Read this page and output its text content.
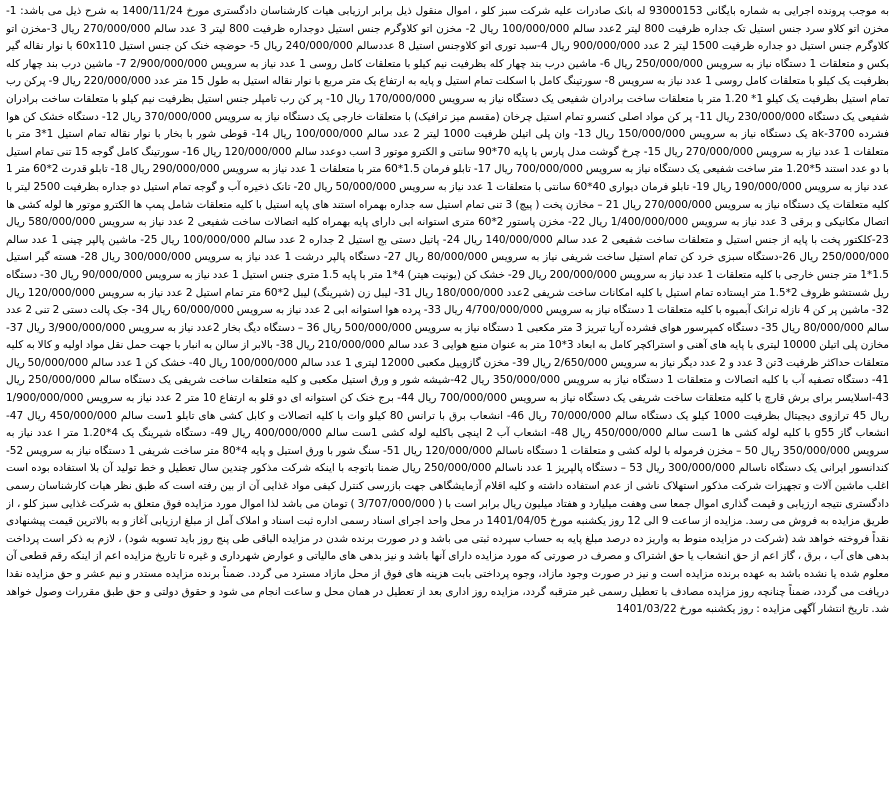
به موجب پرونده اجرایی به شماره بایگانی 93000153 له بانک صادرات علیه شرکت سبز کلو ، اموال منقول ذیل برابر ارزیابی هیات کارشناسان دادگستری مورخ 1400/11/24 به شرح ذیل می باشد: 1-مخزن اتو کلاو سرد جنس استیل تک جداره ظرفیت 800 لیتر 2عدد سالم 100/000/000 ریال 2- مخزن اتو کلاوگرم جنس استیل دوجداره ظرفیت 800 لیتر 3 عدد سالم 270/000/000 ریال 3-مخزن اتو کلاوگرم جنس استیل دو جداره ظرفیت 1500 لیتر 2 عدد 900/000/000 ریال 4-سبد توری اتو کلاوجنس استیل 8 عددسالم 240/000/000 ریال 5- حوضچه خنک کن جنس استیل 60x110 با نوار نقاله گیر بکس و متعلقات 1 دستگاه نیاز به سرویس 250/000/000 ریال 6- ماشین درب بند چهار کله بظرفیت نیم کیلو با متعلقات کامل روسی 1 عدد نیاز به سرویس 2/900/000/000 7- ماشین درب بند چهار کله بظرفیت یک کیلو با متعلقات کامل روسی 1 عدد نیاز به سرویس 8- سورتینگ کامل با اسکلت تمام استیل و پایه به ارتفاع یک متر مربع با نوار نقاله استیل به طول 15 متر عدد 220/000/000 ریال 9- پرکن رب تمام استیل بظرفیت یک کیلو 1* 1.20 متر با متعلقات ساخت برادران شفیعی یک دستگاه نیاز به سرویس 170/000/000 ریال 10- پر کن رب تامپلر جنس استیل بظرفیت نیم کیلو با متعلقات ساخت برادران شفیعی یک دستگاه 230/000/000 ریال 11- پر کن مواد اصلی کنسرو تمام استیل چرخان (مقسم میز ترافیک) با متعلقات خارجی یک دستگاه نیاز به سرویس 370/000/000 ریال 12- دستگاه خشک کن هوا فشرده ak-3700 یک دستگاه نیاز به سرویس 150/000/000 ریال 13- وان پلی اتیلن ظرفیت 1000 لیتر 2 عدد سالم 100/000/000 ریال 14- قوطی شور با بخار با نوار نقاله تمام استیل 1*3 متر با متعلقات 1 عدد نیاز به سرویس 270/000/000 ریال 15- چرخ گوشت مدل پارس با پایه 70*90 سانتی و الکترو موتور 3 اسب دوعدد سالم 120/000/000 ریال 16- سورتینگ کامل گوجه 15 تنی تمام استیل با دو عدد استند 5*1.20 متر ساخت شفیعی یک دستگاه نیاز به سرویس 700/000/000 ریال 17- تابلو فرمان 1.5*60 متر با متعلقات 1 عدد نیاز به سرویس 290/000/000 ریال 18- تابلو قدرت 2*60 متر 1 عدد نیاز به سرویس 190/000/000 ریال 19- تابلو فرمان دیواری 40*60 سانتی با متعلقات 1 عدد نیاز به سرویس 50/000/000 ریال 20- تانک ذخیره آب و گوجه تمام استیل دو جداره بظرفیت 2500 لیتر با کلیه متعلقات یک دستگاه نیاز به سرویس 270/000/000 ریال 21 – مخازن پخت ( پیچ) 3 تنی تمام استیل سه جداره بهمراه استند های پایه استیل با کلیه متعلقات شامل پمپ ها الکترو موتور ها لوله کشی ها اتصال مکانیکی و برقی 3 عدد نیاز به سرویس 1/400/000/000 ریال 22- مخزن پاستور 2*60 متری استوانه ابی دارای پایه بهمراه کلیه اتصالات ساخت شفیعی 2 عدد نیاز به سرویس 580/000/000 ریال 23-کلکتور پخت با پایه از جنس استیل و متعلقات ساخت شفیعی 2 عدد سالم 140/000/000 ریال 24- پاتیل دستی بج استیل 2 جداره 2 عدد سالم 100/000/000 ریال 25- ماشین پالپر چینی 1 عدد سالم 250/000/000 ریال 26-دستگاه سبزی خرد کن تمام استیل ساخت شریفی نیاز به سرویس 80/000/000 ریال 27- دستگاه پالپر درشت 1 عدد نیاز به سرویس 300/000/000 ریال 28- هسته گیر استیل 1.5*1 متر جنس خارجی با کلیه متعلقات 1 عدد نیاز به سرویس 200/000/000 ریال 29- خشک کن (یونیت هیتر) 4*1 متر با پایه 1.5 متری جنس استیل 1 عدد نیاز به سرویس 90/000/000 ریال 30- دستگاه ریل شستشو ظروف 2*1.5 متر ایستاده تمام استیل با کلیه امکانات ساخت شریفی 2عدد 180/000/000 ریال 31- لیبل زن (شیرینگ) لیبل 2*60 متر تمام استیل 2 عدد نیاز به سرویس 120/000/000 ریال 32- ماشین پر کن 4 نازله ترانک آبمیوه با کلیه متعلقات 1 دستگاه نیاز به سرویس 4/700/000/000 ریال 33- پرده هوا استوانه ابی 2 عدد نیاز به سرویس 60/000/000 ریال 34- جک پالت دستی 2 تنی 2 عدد سالم 80/000/000 ریال 35- دستگاه کمپرسور هوای فشرده آریا تبریز 3 متر مکعبی 1 دستگاه نیاز به سرویس 500/000/000 ریال 36 – دستگاه دیگ بخار 2عدد نیاز به سرویس 3/900/000/000 ریال 37- مخازن پلی اتیلن 10000 لیتری با پایه های آهنی و استراکچر کامل به ابعاد 3*10 متر به عنوان منبع هوایی 3 عدد سالم 210/000/000 ریال 38- بالابر از سالن به انبار با جهت حمل نقل مواد اولیه و کالا به کلیه متعلقات حداکثر ظرفیت 3تن 3 عدد و 2 عدد دیگر نیاز به سرویس 2/650/000 ریال 39- مخزن گازوییل مکعبی 12000 لیتری 1 عدد سالم 100/000/000 ریال 40- خشک کن 1 عدد سالم 50/000/000 ریال 41- دستگاه تصفیه آب با کلیه اتصالات و متعلقات 1 دستگاه نیاز به سرویس 350/000/000 ریال 42-شیشه شور و ورق استیل مکعبی و کلیه متعلقات ساخت شریفی یک دستگاه سالم 250/000/000 ریال 43-اسلایسر برای برش قارچ با کلیه متعلقات ساخت شریفی یک دستگاه نیاز به سرویس 700/000/000 ریال 44- برج خنک کن استوانه ای دو قلو به ارتفاع 10 متر 2 عدد نیاز به سرویس 1/900/000/000 ریال 45 ترازوی دیجیتال بظرفیت 1000 کیلو یک دستگاه سالم 70/000/000 ریال 46- انشعاب برق با ترانس 80 کیلو وات با کلیه اتصالات و کابل کشی های تابلو 1ست سالم 450/000/000 ریال 47- انشعاب گاز g55 با کلیه لوله کشی ها 1ست سالم 450/000/000 ریال 48- انشعاب آب 2 اینچی باکلیه لوله کشی 1ست سالم 400/000/000 ریال 49- دستگاه شیرینگ یک 4*1.20 متر ا عدد نیاز به سرویس 350/000/000 ریال 50 – مخزن فرموله با لوله کشی و متعلقات 1 دستگاه ناسالم 120/000/000 ریال 51- سنگ شور با ورق استیل و پایه 4*80 متر ساخت شریفی 1 دستگاه نیاز به سرویس 52- کندانسور ایرانی یک دستگاه ناسالم 300/000/000 ریال 53 – دستگاه پالپریز 1 عدد ناسالم 250/000/000 ریال ضمنا باتوجه با اینکه شرکت مذکور چندین سال تعطیل و خط تولید آن بلا استفاده بوده است اغلب ماشین آلات و تجهیزات شرکت مذکور استهلاک ناشی از عدم استفاده داشته و کلیه اقلام آزمایشگاهی جهت بازرسی کنترل کیفی مواد غذایی آن از بین رفته است که طبق نظر هیات کارشناسان رسمی دادگستری نتیجه ارزیابی و قیمت گذاری اموال جمعا سی وهفت میلیارد و هفتاد میلیون ریال برابر است با ( 3/707/000/000 ) تومان می باشد لذا اموال مورد مزایده فوق متعلق به شرکت غذایی سبز کلو ، از طریق مزایده به فروش می رسد. مزایده از ساعت 9 الی 12 روز یکشنبه مورخ 1401/04/05 در محل واحد اجرای اسناد رسمی اداره ثبت اسناد و املاک آمل از مبلغ ارزیابی آغاز و به بالاترین قیمت پیشنهادی نقداً فروخته خواهد شد (شرکت در مزایده منوط به واریز ده درصد مبلغ پایه به حساب سپرده ثبتی می باشد و در صورت برنده شدن در مزایده الباقی طی پنج روز باید تسویه شود) ، لازم به ذکر است پرداخت بدهی های آب ، برق ، گاز اعم از حق انشعاب یا حق اشتراک و مصرف در صورتی که مورد مزایده دارای آنها باشد و نیز بدهی های مالیاتی و عوارض شهرداری و غیره تا تاریخ مزایده اعم از اینکه رقم قطعی آن معلوم شده یا نشده باشد به عهده برنده مزایده است و نیز در صورت وجود مازاد، وجوه پرداختی بابت هزینه های فوق از محل مازاد مسترد می گردد. ضمناً برنده مزایده مستدر و نیم عشر و حق مزایده نقدا دریافت می گردد، ضمناً چنانچه روز مزایده مصادف با تعطیل رسمی غیر مترقبه گردد، مزایده روز اداری بعد از تعطیل در همان محل و ساعت انجام می شود و حقوق دولتی و حق طبق مقررات وصول خواهد شد. تاریخ انتشار آگهی مزایده : روز یکشنبه مورخ 1401/03/22
